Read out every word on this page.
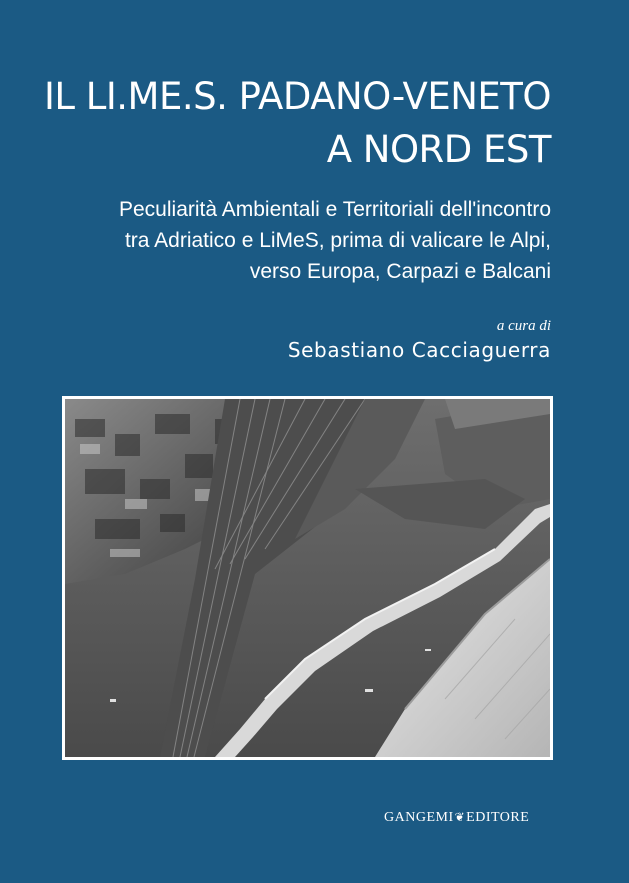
IL LI.ME.S. PADANO-VENETO
A NORD EST
Peculiarità Ambientali e Territoriali dell'incontro
tra Adriatico e LiMeS, prima di valicare le Alpi,
verso Europa, Carpazi e Balcani
a cura di
Sebastiano Cacciaguerra
GANGEMI❦EDITORE
